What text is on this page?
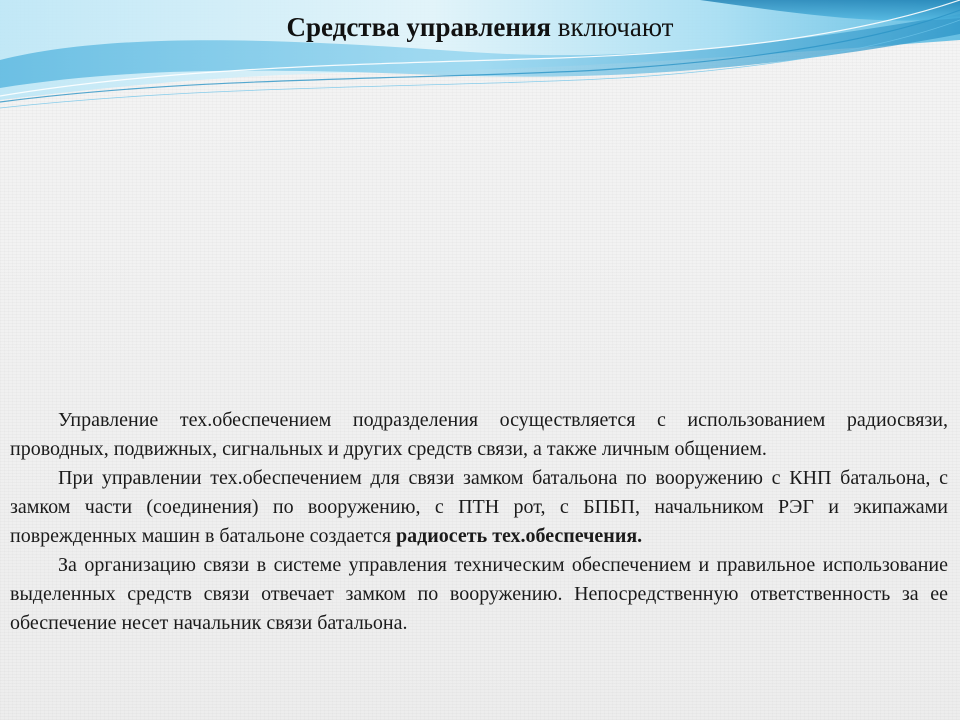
Средства управления включают

Управление тех.обеспечением подразделения осуществляется с использованием радиосвязи, проводных, подвижных, сигнальных и других средств связи, а также личным общением.

При управлении тех.обеспечением для связи замком батальона по вооружению с КНП батальона, с замком части (соединения) по вооружению, с ПТН рот, с БПБП, начальником РЭГ и экипажами поврежденных машин в батальоне создается радиосеть тех.обеспечения.

За организацию связи в системе управления техническим обеспечением и правильное использование выделенных средств связи отвечает замком по вооружению. Непосредственную ответственность за ее обеспечение несет начальник связи батальона.
